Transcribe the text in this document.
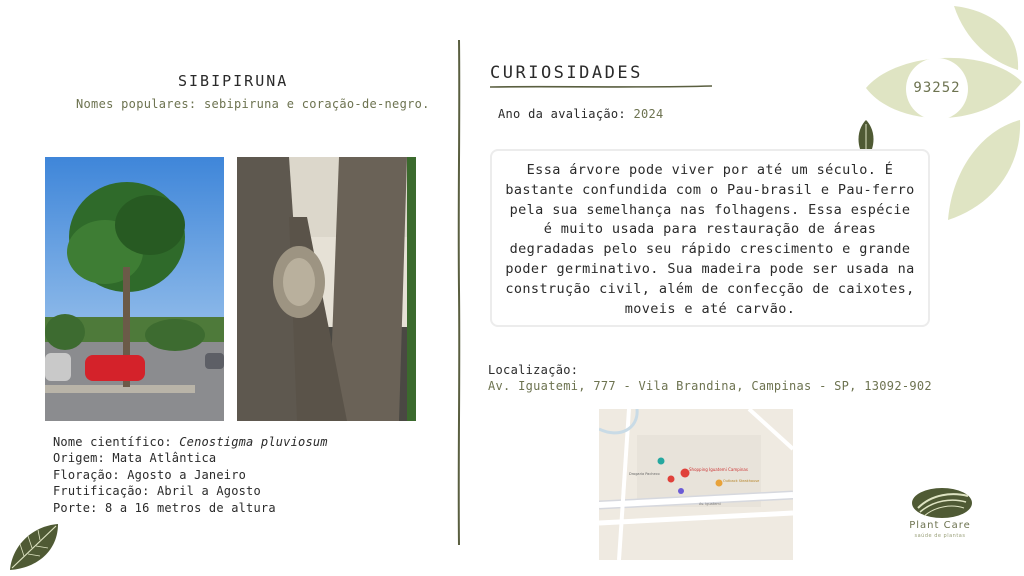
SIBIPIRUNA
Nomes populares: sebipiruna e coração-de-negro.
Nome científico: Cenostigma pluviosum
Origem: Mata Atlântica
Floração: Agosto a Janeiro
Frutificação: Abril a Agosto
Porte: 8 a 16 metros de altura
CURIOSIDADES
Ano da avaliação: 2024
93252
Essa árvore pode viver por até um século. É bastante confundida com o Pau-brasil e Pau-ferro pela sua semelhança nas folhagens. Essa espécie é muito usada para restauração de áreas degradadas pelo seu rápido crescimento e grande poder germinativo. Sua madeira pode ser usada na construção civil, além de confecção de caixotes, moveis e até carvão.
Localização:
Av. Iguatemi, 777 - Vila Brandina, Campinas - SP, 13092-902
Shopping Iguatemi Campinas
Outback Steakhouse
Drogaria Pacheco
Av. Iguatemi
Plant Care
saúde de plantas
